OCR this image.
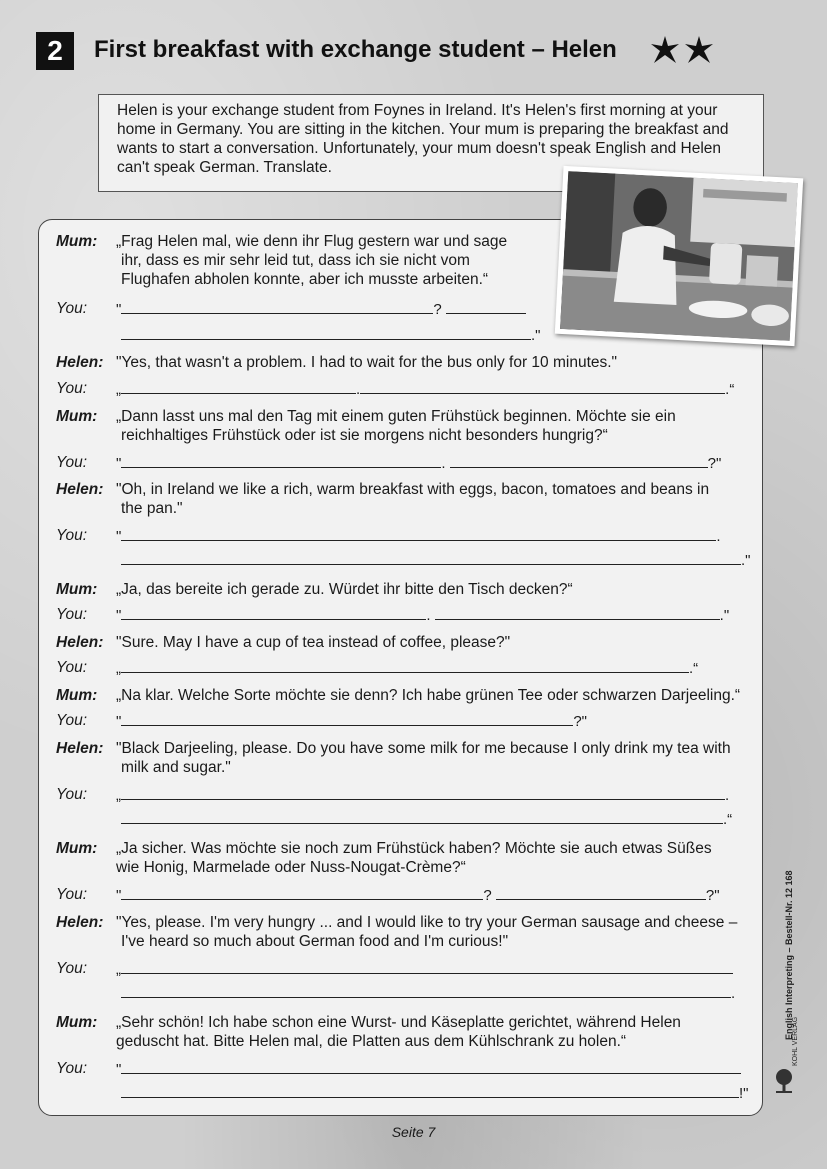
2	First breakfast with exchange student – Helen
Helen is your exchange student from Foynes in Ireland. It's Helen's first morning at your home in Germany. You are sitting in the kitchen. Your mum is preparing the breakfast and wants to start a conversation. Unfortunately, your mum doesn't speak English and Helen can't speak German. Translate.
Mum:	„Frag Helen mal, wie denn ihr Flug gestern war und sage
ihr, dass es mir sehr leid tut, dass ich sie nicht vom
Flughafen abholen konnte, aber ich musste arbeiten.“
You:	"	?
."
Helen: "Yes, that wasn't a problem. I had to wait for the bus only for 10 minutes."
You:	„	.	.“
Mum:	„Dann lasst uns mal den Tag mit einem guten Frühstück beginnen. Möchte sie ein
reichhaltiges Frühstück oder ist sie morgens nicht besonders hungrig?“
You:	"	.	?"
Helen: "Oh, in Ireland we like a rich, warm breakfast with eggs, bacon, tomatoes and beans in
the pan."
You:	"	.
."
Mum:	„Ja, das bereite ich gerade zu. Würdet ihr bitte den Tisch decken?“
You:	"	.	."
Helen: "Sure. May I have a cup of tea instead of coffee, please?"
You:	„	.“
Mum:	„Na klar. Welche Sorte möchte sie denn? Ich habe grünen Tee oder schwarzen Darjeeling.“
You:	"	?"
Helen: "Black Darjeeling, please. Do you have some milk for me because I only drink my tea with
milk and sugar."
You:	„	.
.“
Mum:	„Ja sicher. Was möchte sie noch zum Frühstück haben? Möchte sie auch etwas Süßes
wie Honig, Marmelade oder Nuss-Nougat-Crème?“
You:	"	?	?"
Helen: "Yes, please. I'm very hungry ... and I would like to try your German sausage and cheese –
I've heard so much about German food and I'm curious!"
You:	„
.
Mum:	„Sehr schön! Ich habe schon eine Wurst- und Käseplatte gerichtet, während Helen
geduscht hat. Bitte Helen mal, die Platten aus dem Kühlschrank zu holen.“
You:	"
!"
English Interpreting – Bestell-Nr. 12 168
KOHL VERLAG
Seite 7
